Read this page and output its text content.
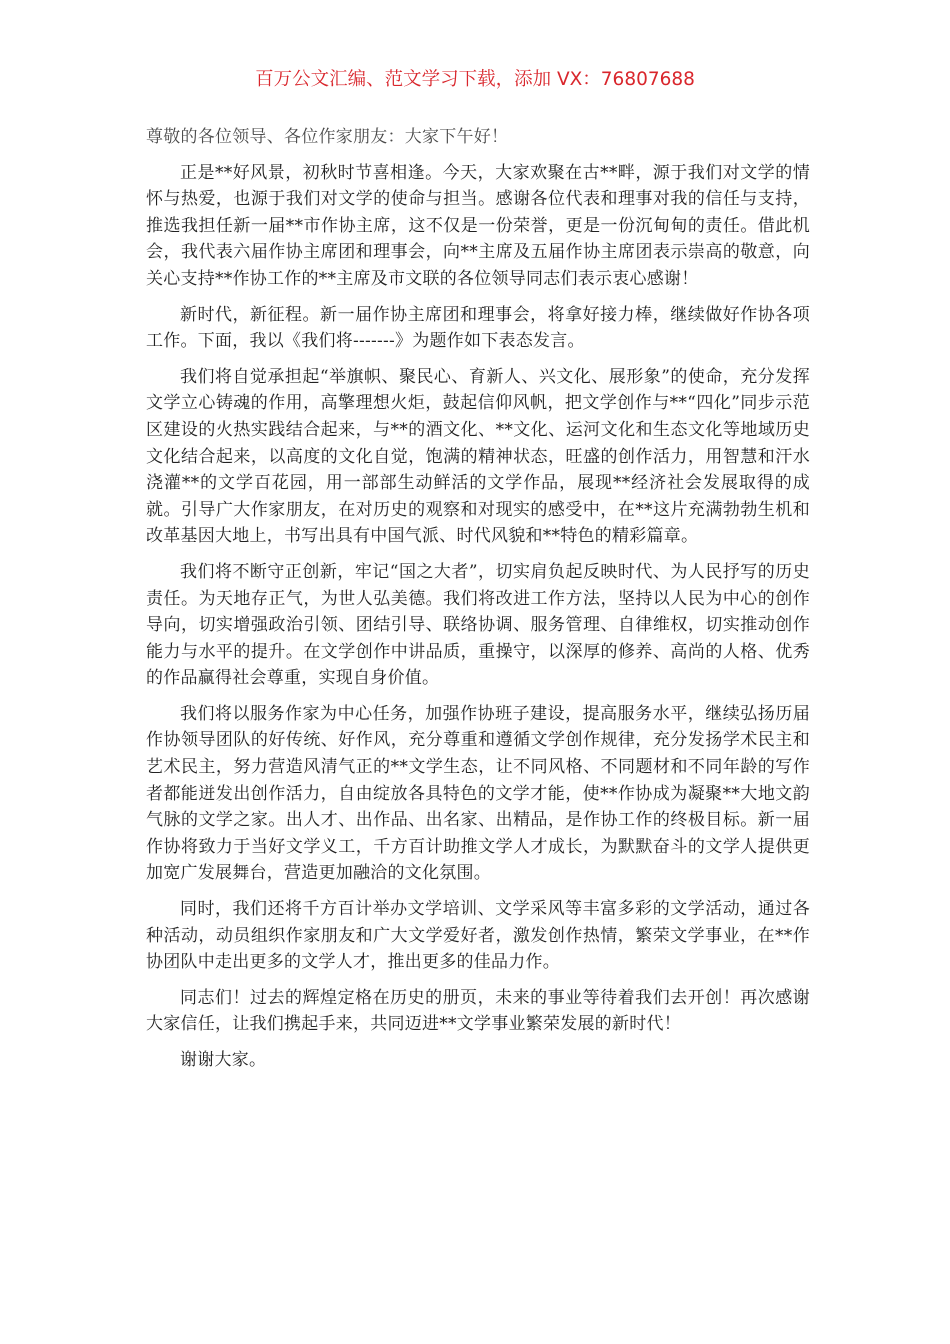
百万公文汇编、范文学习下载，添加 VX：76807688

尊敬的各位领导、各位作家朋友：大家下午好！

正是**好风景，初秋时节喜相逢。今天，大家欢聚在古**畔，源于我们对文学的情怀与热爱，也源于我们对文学的使命与担当。感谢各位代表和理事对我的信任与支持，推选我担任新一届**市作协主席，这不仅是一份荣誉，更是一份沉甸甸的责任。借此机会，我代表六届作协主席团和理事会，向**主席及五届作协主席团表示崇高的敬意，向关心支持**作协工作的**主席及市文联的各位领导同志们表示衷心感谢！

新时代，新征程。新一届作协主席团和理事会，将拿好接力棒，继续做好作协各项工作。下面，我以《我们将-------》为题作如下表态发言。

我们将自觉承担起“举旗帜、聚民心、育新人、兴文化、展形象”的使命，充分发挥文学立心铸魂的作用，高擎理想火炬，鼓起信仰风帆，把文学创作与**“四化”同步示范区建设的火热实践结合起来，与**的酒文化、**文化、运河文化和生态文化等地域历史文化结合起来，以高度的文化自觉，饱满的精神状态，旺盛的创作活力，用智慧和汗水浇灌**的文学百花园，用一部部生动鲜活的文学作品，展现**经济社会发展取得的成就。引导广大作家朋友，在对历史的观察和对现实的感受中，在**这片充满勃勃生机和改革基因大地上，书写出具有中国气派、时代风貌和**特色的精彩篇章。

我们将不断守正创新，牢记“国之大者”，切实肩负起反映时代、为人民抒写的历史责任。为天地存正气，为世人弘美德。我们将改进工作方法，坚持以人民为中心的创作导向，切实增强政治引领、团结引导、联络协调、服务管理、自律维权，切实推动创作能力与水平的提升。在文学创作中讲品质，重操守，以深厚的修养、高尚的人格、优秀的作品赢得社会尊重，实现自身价值。

我们将以服务作家为中心任务，加强作协班子建设，提高服务水平，继续弘扬历届作协领导团队的好传统、好作风，充分尊重和遵循文学创作规律，充分发扬学术民主和艺术民主，努力营造风清气正的**文学生态，让不同风格、不同题材和不同年龄的写作者都能迸发出创作活力，自由绽放各具特色的文学才能，使**作协成为凝聚**大地文韵气脉的文学之家。出人才、出作品、出名家、出精品，是作协工作的终极目标。新一届作协将致力于当好文学义工，千方百计助推文学人才成长，为默默奋斗的文学人提供更加宽广发展舞台，营造更加融洽的文化氛围。

同时，我们还将千方百计举办文学培训、文学采风等丰富多彩的文学活动，通过各种活动，动员组织作家朋友和广大文学爱好者，激发创作热情，繁荣文学事业，在**作协团队中走出更多的文学人才，推出更多的佳品力作。

同志们！过去的辉煌定格在历史的册页，未来的事业等待着我们去开创！再次感谢大家信任，让我们携起手来，共同迈进**文学事业繁荣发展的新时代！

谢谢大家。
